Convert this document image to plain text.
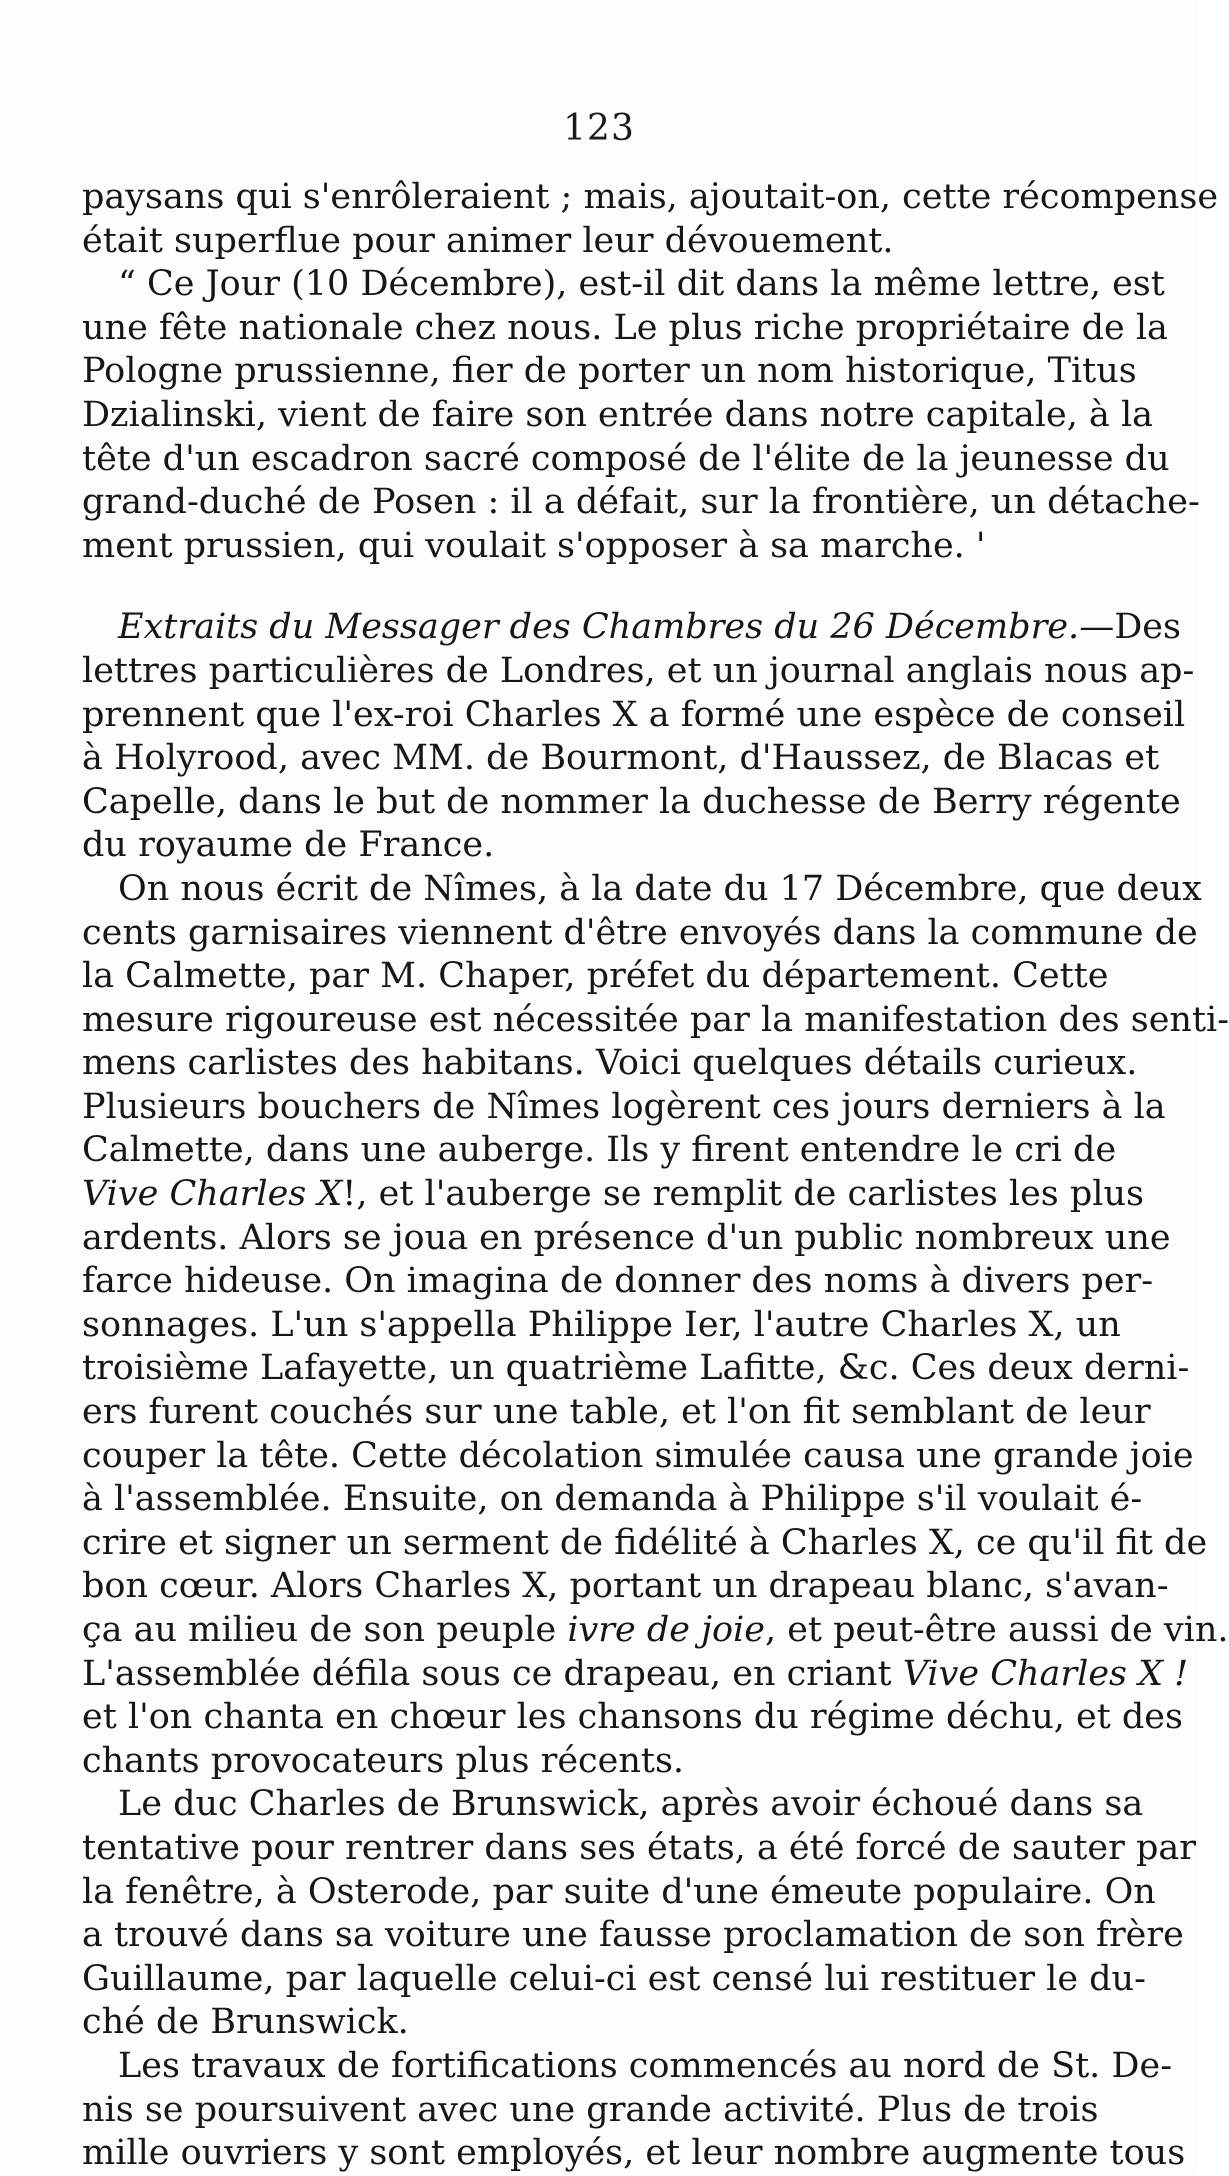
123
paysans qui s'enrôleraient ; mais, ajoutait-on, cette récompense
était superflue pour animer leur dévouement.
“ Ce Jour (10 Décembre), est-il dit dans la même lettre, est
une fête nationale chez nous. Le plus riche propriétaire de la
Pologne prussienne, fier de porter un nom historique, Titus
Dzialinski, vient de faire son entrée dans notre capitale, à la
tête d'un escadron sacré composé de l'élite de la jeunesse du
grand-duché de Posen : il a défait, sur la frontière, un détache-
ment prussien, qui voulait s'opposer à sa marche. '
Extraits du Messager des Chambres du 26 Décembre.—Des
lettres particulières de Londres, et un journal anglais nous ap-
prennent que l'ex-roi Charles X a formé une espèce de conseil
à Holyrood, avec MM. de Bourmont, d'Haussez, de Blacas et
Capelle, dans le but de nommer la duchesse de Berry régente
du royaume de France.
On nous écrit de Nîmes, à la date du 17 Décembre, que deux
cents garnisaires viennent d'être envoyés dans la commune de
la Calmette, par M. Chaper, préfet du département. Cette
mesure rigoureuse est nécessitée par la manifestation des senti-
mens carlistes des habitans. Voici quelques détails curieux.
Plusieurs bouchers de Nîmes logèrent ces jours derniers à la
Calmette, dans une auberge. Ils y firent entendre le cri de
Vive Charles X!, et l'auberge se remplit de carlistes les plus
ardents. Alors se joua en présence d'un public nombreux une
farce hideuse. On imagina de donner des noms à divers per-
sonnages. L'un s'appella Philippe Ier, l'autre Charles X, un
troisième Lafayette, un quatrième Lafitte, &c. Ces deux derni-
ers furent couchés sur une table, et l'on fit semblant de leur
couper la tête. Cette décolation simulée causa une grande joie
à l'assemblée. Ensuite, on demanda à Philippe s'il voulait é-
crire et signer un serment de fidélité à Charles X, ce qu'il fit de
bon cœur. Alors Charles X, portant un drapeau blanc, s'avan-
ça au milieu de son peuple ivre de joie, et peut-être aussi de vin.
L'assemblée défila sous ce drapeau, en criant Vive Charles X !
et l'on chanta en chœur les chansons du régime déchu, et des
chants provocateurs plus récents.
Le duc Charles de Brunswick, après avoir échoué dans sa
tentative pour rentrer dans ses états, a été forcé de sauter par
la fenêtre, à Osterode, par suite d'une émeute populaire. On
a trouvé dans sa voiture une fausse proclamation de son frère
Guillaume, par laquelle celui-ci est censé lui restituer le du-
ché de Brunswick.
Les travaux de fortifications commencés au nord de St. De-
nis se poursuivent avec une grande activité. Plus de trois
mille ouvriers y sont employés, et leur nombre augmente tous
